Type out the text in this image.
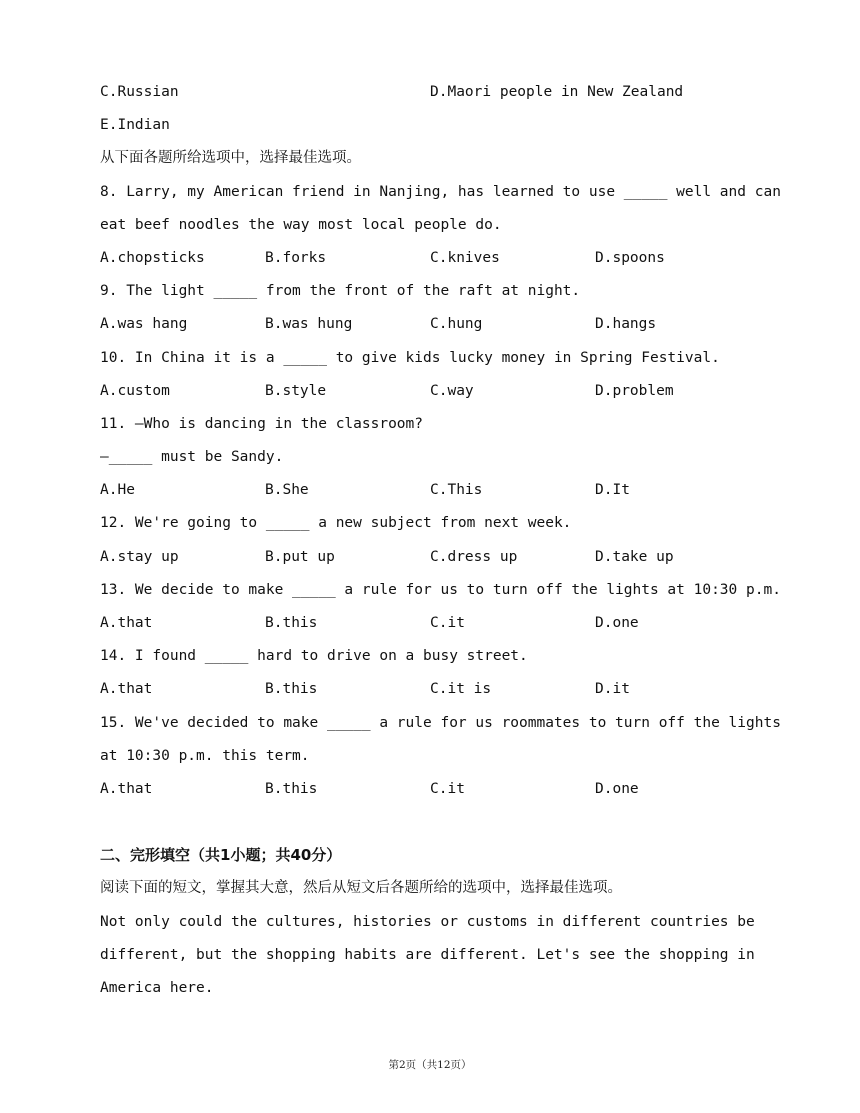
C.Russian	D.Maori people in New Zealand
E.Indian
从下面各题所给选项中，选择最佳选项。
8. Larry, my American friend in Nanjing, has learned to use _____ well and can
eat beef noodles the way most local people do.
A.chopsticks	B.forks	C.knives	D.spoons
9. The light _____ from the front of the raft at night.
A.was hang	B.was hung	C.hung	D.hangs
10. In China it is a _____ to give kids lucky money in Spring Festival.
A.custom	B.style	C.way	D.problem
11. —Who is dancing in the classroom?
—_____ must be Sandy.
A.He	B.She	C.This	D.It
12. We're going to _____ a new subject from next week.
A.stay up	B.put up	C.dress up	D.take up
13. We decide to make _____ a rule for us to turn off the lights at 10:30 p.m.
A.that	B.this	C.it	D.one
14. I found _____ hard to drive on a busy street.
A.that	B.this	C.it is	D.it
15. We've decided to make _____ a rule for us roommates to turn off the lights
at 10:30 p.m. this term.
A.that	B.this	C.it	D.one
二、完形填空（共1小题；共40分）
阅读下面的短文，掌握其大意，然后从短文后各题所给的选项中，选择最佳选项。
Not only could the cultures, histories or customs in different countries be
different, but the shopping habits are different. Let's see the shopping in
America here.
第2页（共12页）
